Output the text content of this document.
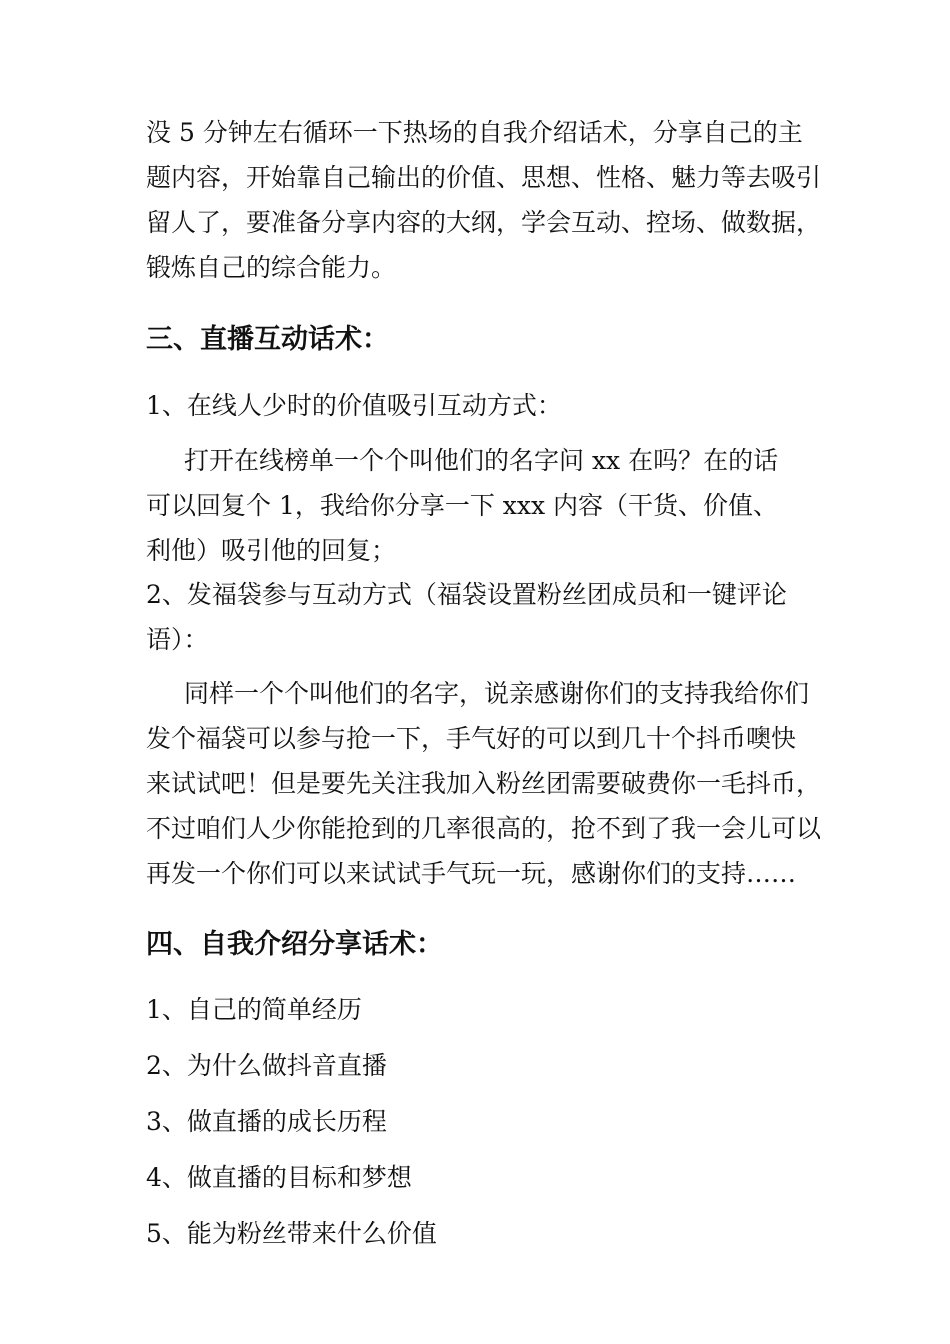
没 5 分钟左右循环一下热场的自我介绍话术，分享自己的主

题内容，开始靠自己输出的价值、思想、性格、魅力等去吸引

留人了，要准备分享内容的大纲，学会互动、控场、做数据，

锻炼自己的综合能力。

三、直播互动话术：

1、在线人少时的价值吸引互动方式：

打开在线榜单一个个叫他们的名字问 xx 在吗？在的话

可以回复个 1，我给你分享一下 xxx 内容（干货、价值、

利他）吸引他的回复；

2、发福袋参与互动方式（福袋设置粉丝团成员和一键评论

语）：

同样一个个叫他们的名字，说亲感谢你们的支持我给你们

发个福袋可以参与抢一下，手气好的可以到几十个抖币噢快

来试试吧！但是要先关注我加入粉丝团需要破费你一毛抖币，

不过咱们人少你能抢到的几率很高的，抢不到了我一会儿可以

再发一个你们可以来试试手气玩一玩，感谢你们的支持……

四、自我介绍分享话术：
1、自己的简单经历
2、为什么做抖音直播
3、做直播的成长历程
4、做直播的目标和梦想
5、能为粉丝带来什么价值
